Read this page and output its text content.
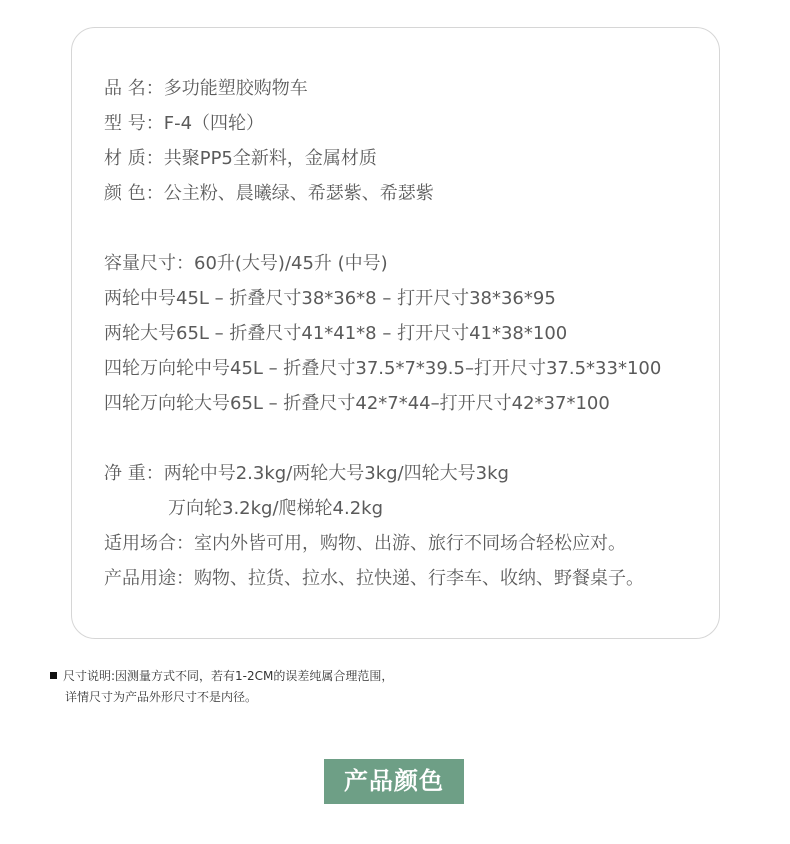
品 名：多功能塑胶购物车
型 号：F-4（四轮）
材 质：共聚PP5全新料，金属材质
颜 色：公主粉、晨曦绿、希瑟紫、希瑟紫
容量尺寸：60升(大号)/45升 (中号)
两轮中号45L – 折叠尺寸38*36*8 – 打开尺寸38*36*95
两轮大号65L – 折叠尺寸41*41*8 – 打开尺寸41*38*100
四轮万向轮中号45L – 折叠尺寸37.5*7*39.5–打开尺寸37.5*33*100
四轮万向轮大号65L – 折叠尺寸42*7*44–打开尺寸42*37*100
净 重：两轮中号2.3kg/两轮大号3kg/四轮大号3kg
万向轮3.2kg/爬梯轮4.2kg
适用场合：室内外皆可用，购物、出游、旅行不同场合轻松应对。
产品用途：购物、拉货、拉水、拉快递、行李车、收纳、野餐桌子。
尺寸说明:因测量方式不同，若有1-2CM的误差纯属合理范围，
详情尺寸为产品外形尺寸不是内径。
产品颜色
